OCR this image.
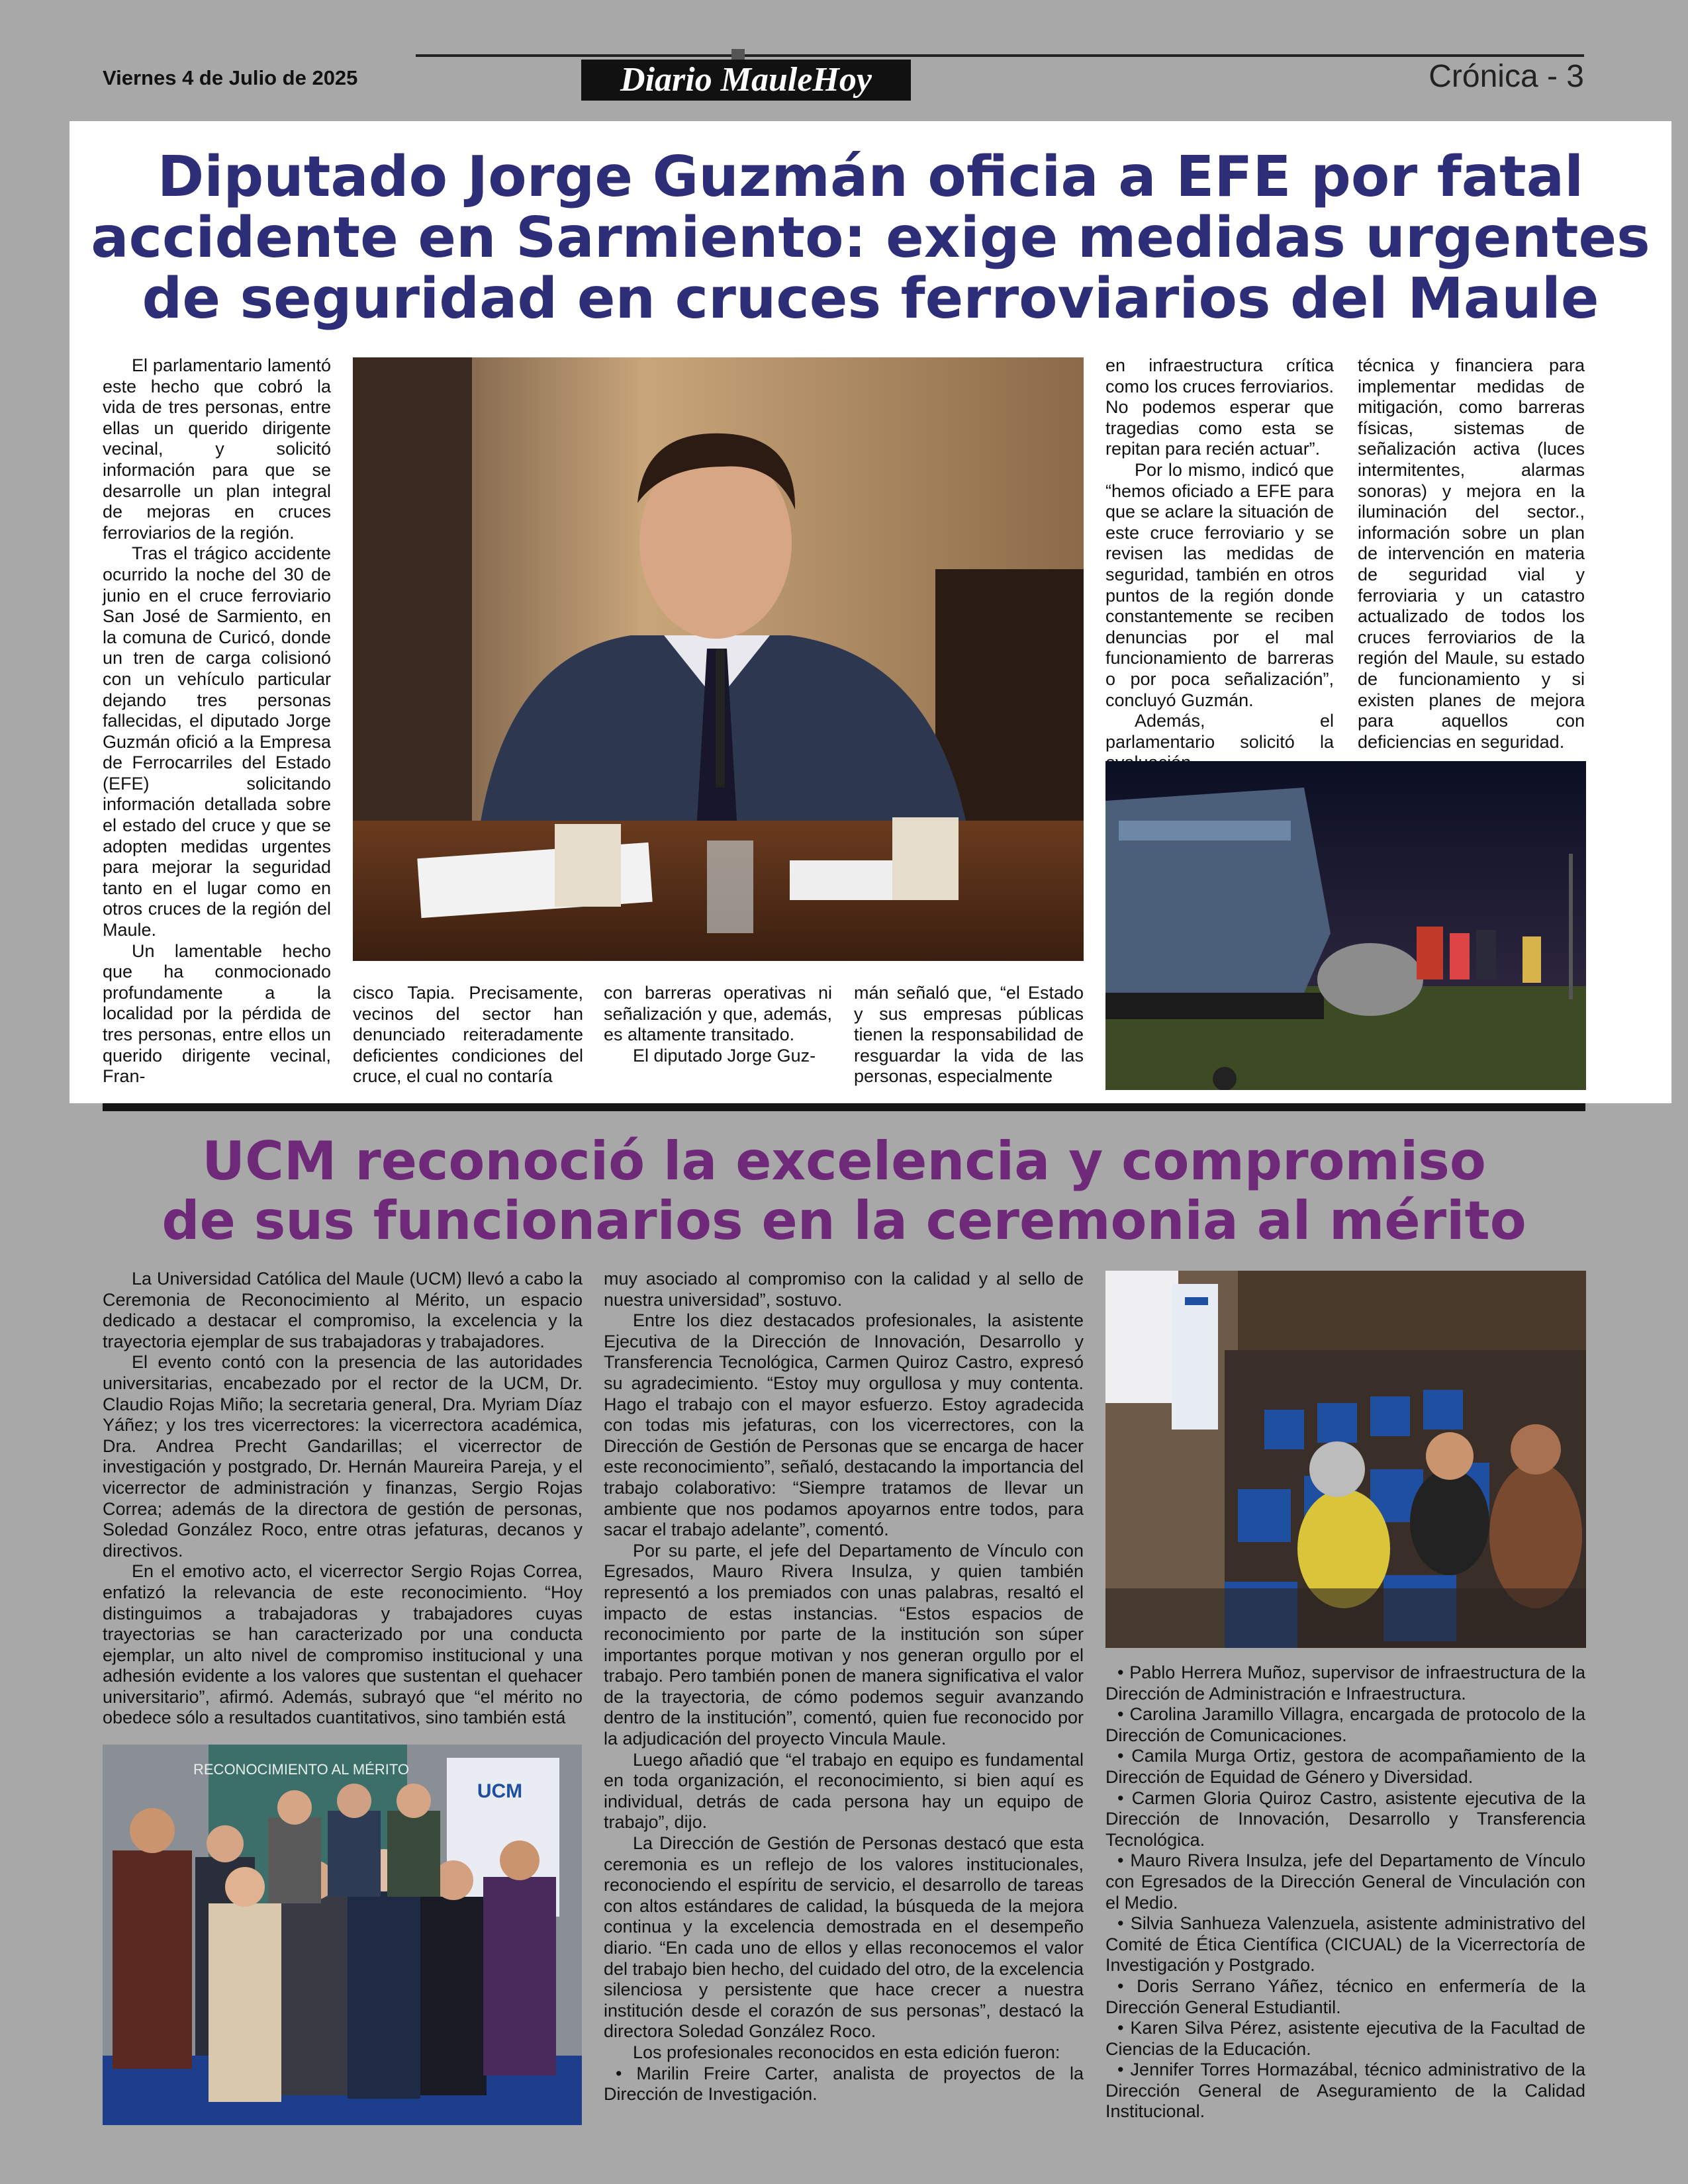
Viernes 4 de Julio de 2025	Diario MauleHoy	Crónica - 3
Diputado Jorge Guzmán oficia a EFE por fatal
accidente en Sarmiento: exige medidas urgentes
de seguridad en cruces ferroviarios del Maule

El parlamentario lamentó este hecho que cobró la vida de tres personas, entre ellas un querido dirigente vecinal, y solicitó información para que se desarrolle un plan integral de mejoras en cruces ferroviarios de la región.

Tras el trágico accidente ocurrido la noche del 30 de junio en el cruce ferroviario San José de Sarmiento, en la comuna de Curicó, donde un tren de carga colisionó con un vehículo particular dejando tres personas fallecidas, el diputado Jorge Guzmán ofició a la Empresa de Ferrocarriles del Estado (EFE) solicitando información detallada sobre el estado del cruce y que se adopten medidas urgentes para mejorar la seguridad tanto en el lugar como en otros cruces de la región del Maule.

Un lamentable hecho que ha conmocionado profundamente a la localidad por la pérdida de tres personas, entre ellos un querido dirigente vecinal, Fran-

cisco Tapia. Precisamente, vecinos del sector han denunciado reiteradamente deficientes condiciones del cruce, el cual no contaría

con barreras operativas ni señalización y que, además, es altamente transitado.

El diputado Jorge Guz-

mán señaló que, “el Estado y sus empresas públicas tienen la responsabilidad de resguardar la vida de las personas, especialmente

en infraestructura crítica como los cruces ferroviarios. No podemos esperar que tragedias como esta se repitan para recién actuar”.

Por lo mismo, indicó que “hemos oficiado a EFE para que se aclare la situación de este cruce ferroviario y se revisen las medidas de seguridad, también en otros puntos de la región donde constantemente se reciben denuncias por el mal funcionamiento de barreras o por poca señalización”, concluyó Guzmán.

Además, el parlamentario solicitó la

técnica y financiera para implementar medidas de mitigación, como barreras físicas, sistemas de señalización activa (luces intermitentes, alarmas sonoras) y mejora en la iluminación del sector., información sobre un plan de intervención en materia de seguridad vial y ferroviaria y un catastro actualizado de todos los cruces ferroviarios de la región del Maule, su estado de funcionamiento y si existen planes de mejora para aquellos con deficiencias en seguridad.

UCM reconoció la excelencia y compromiso
de sus funcionarios en la ceremonia al mérito

La Universidad Católica del Maule (UCM) llevó a cabo la Ceremonia de Reconocimiento al Mérito, un espacio dedicado a destacar el compromiso, la excelencia y la trayectoria ejemplar de sus trabajadoras y trabajadores.

El evento contó con la presencia de las autoridades universitarias, encabezado por el rector de la UCM, Dr. Claudio Rojas Miño; la secretaria general, Dra. Myriam Díaz Yáñez; y los tres vicerrectores: la vicerrectora académica, Dra. Andrea Precht Gandarillas; el vicerrector de investigación y postgrado, Dr. Hernán Maureira Pareja, y el vicerrector de administración y finanzas, Sergio Rojas Correa; además de la directora de gestión de personas, Soledad González Roco, entre otras jefaturas, decanos y directivos.

En el emotivo acto, el vicerrector Sergio Rojas Correa, enfatizó la relevancia de este reconocimiento. “Hoy distinguimos a trabajadoras y trabajadores cuyas trayectorias se han caracterizado por una conducta ejemplar, un alto nivel de compromiso institucional y una adhesión evidente a los valores que sustentan el quehacer universitario”, afirmó. Además, subrayó que “el mérito no obedece sólo a resultados cuantitativos, sino también está

RECONOCIMIENTO AL MÉRITO
UCM

muy asociado al compromiso con la calidad y al sello de nuestra universidad”, sostuvo.

Entre los diez destacados profesionales, la asistente Ejecutiva de la Dirección de Innovación, Desarrollo y Transferencia Tecnológica, Carmen Quiroz Castro, expresó su agradecimiento. “Estoy muy orgullosa y muy contenta. Hago el trabajo con el mayor esfuerzo. Estoy agradecida con todas mis jefaturas, con los vicerrectores, con la Dirección de Gestión de Personas que se encarga de hacer este reconocimiento”, señaló, destacando la importancia del trabajo colaborativo: “Siempre tratamos de llevar un ambiente que nos podamos apoyarnos entre todos, para sacar el trabajo adelante”, comentó.

Por su parte, el jefe del Departamento de Vínculo con Egresados, Mauro Rivera Insulza, y quien también representó a los premiados con unas palabras, resaltó el impacto de estas instancias. “Estos espacios de reconocimiento por parte de la institución son súper importantes porque motivan y nos generan orgullo por el trabajo. Pero también ponen de manera significativa el valor de la trayectoria, de cómo podemos seguir avanzando dentro de la institución”, comentó, quien fue reconocido por la adjudicación del proyecto Vincula Maule.

Luego añadió que “el trabajo en equipo es fundamental en toda organización, el reconocimiento, si bien aquí es individual, detrás de cada persona hay un equipo de trabajo”, dijo.

La Dirección de Gestión de Personas destacó que esta ceremonia es un reflejo de los valores institucionales, reconociendo el espíritu de servicio, el desarrollo de tareas con altos estándares de calidad, la búsqueda de la mejora continua y la excelencia demostrada en el desempeño diario. “En cada uno de ellos y ellas reconocemos el valor del trabajo bien hecho, del cuidado del otro, de la excelencia silenciosa y persistente que hace crecer a nuestra institución desde el corazón de sus personas”, destacó la directora Soledad González Roco.

Los profesionales reconocidos en esta edición fueron:

• Marilin Freire Carter, analista de proyectos de la Dirección de Investigación.

• Pablo Herrera Muñoz, supervisor de infraestructura de la Dirección de Administración e Infraestructura.

• Carolina Jaramillo Villagra, encargada de protocolo de la Dirección de Comunicaciones.

• Camila Murga Ortiz, gestora de acompañamiento de la Dirección de Equidad de Género y Diversidad.

• Carmen Gloria Quiroz Castro, asistente ejecutiva de la Dirección de Innovación, Desarrollo y Transferencia Tecnológica.

• Mauro Rivera Insulza, jefe del Departamento de Vínculo con Egresados de la Dirección General de Vinculación con el Medio.

• Silvia Sanhueza Valenzuela, asistente administrativo del Comité de Ética Científica (CICUAL) de la Vicerrectoría de Investigación y Postgrado.

• Doris Serrano Yáñez, técnico en enfermería de la Dirección General Estudiantil.

• Karen Silva Pérez, asistente ejecutiva de la Facultad de Ciencias de la Educación.

• Jennifer Torres Hormazábal, técnico administrativo de la Dirección General de Aseguramiento de la Calidad Institucional.
